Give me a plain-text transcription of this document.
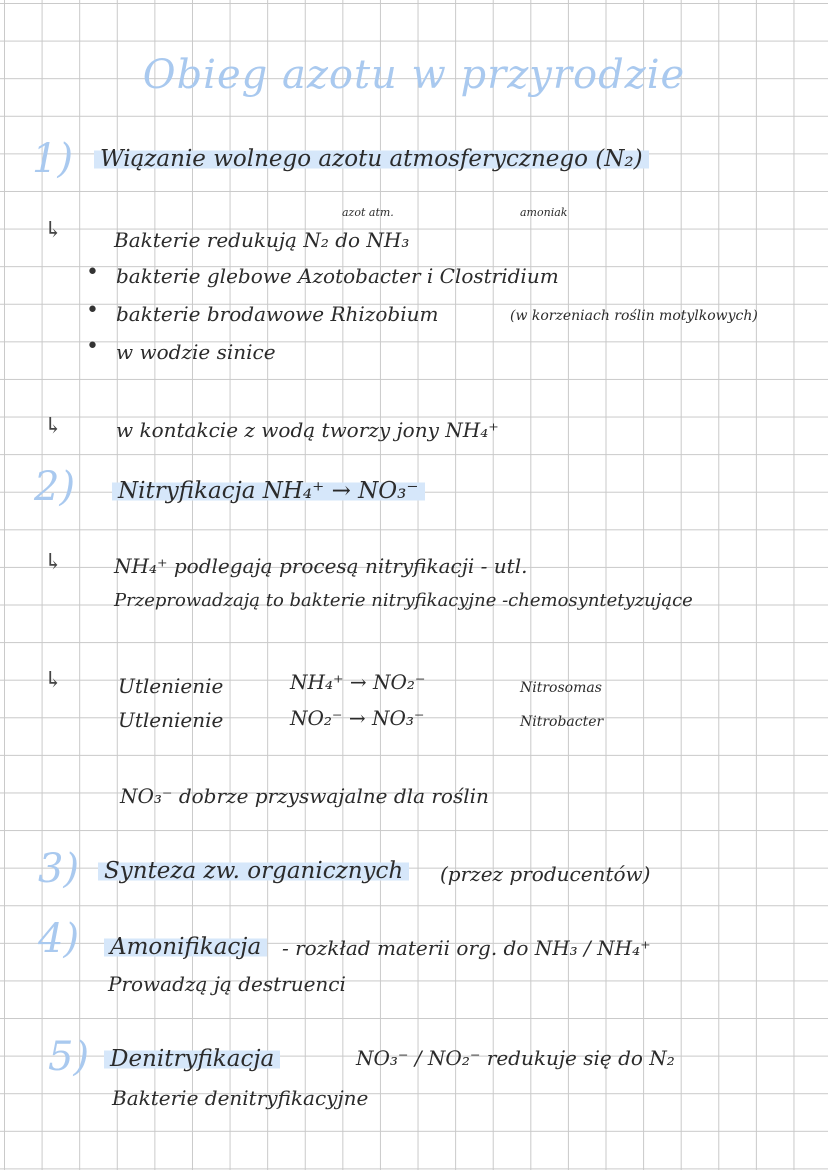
Obieg azotu w przyrodzie
1) Wiązanie wolnego azotu atmosferycznego (N₂)
↳
azot atm.	amoniak
Bakterie redukują N₂ do NH₃
• bakterie glebowe Azotobacter i Clostridium
• bakterie brodawowe Rhizobium	(w korzeniach roślin motylkowych)
• w wodzie sinice
↳	w kontakcie z wodą tworzy jony NH₄⁺
2) Nitryfikacja NH₄⁺ → NO₃⁻
↳	NH₄⁺ podlegają procesą nitryfikacji - utl.
Przeprowadzają to bakterie nitryfikacyjne -chemosyntetyzujące
↳	Utlenienie	NH₄⁺ → NO₂⁻	Nitrosomas
Utlenienie	NO₂⁻ → NO₃⁻	Nitrobacter
NO₃⁻ dobrze przyswajalne dla roślin
3) Synteza zw. organicznych	(przez producentów)
4) Amonifikacja	- rozkład materii org. do NH₃ / NH₄⁺
Prowadzą ją destruenci
5) Denitryfikacja	NO₃⁻ / NO₂⁻ redukuje się do N₂
Bakterie denitryfikacyjne
